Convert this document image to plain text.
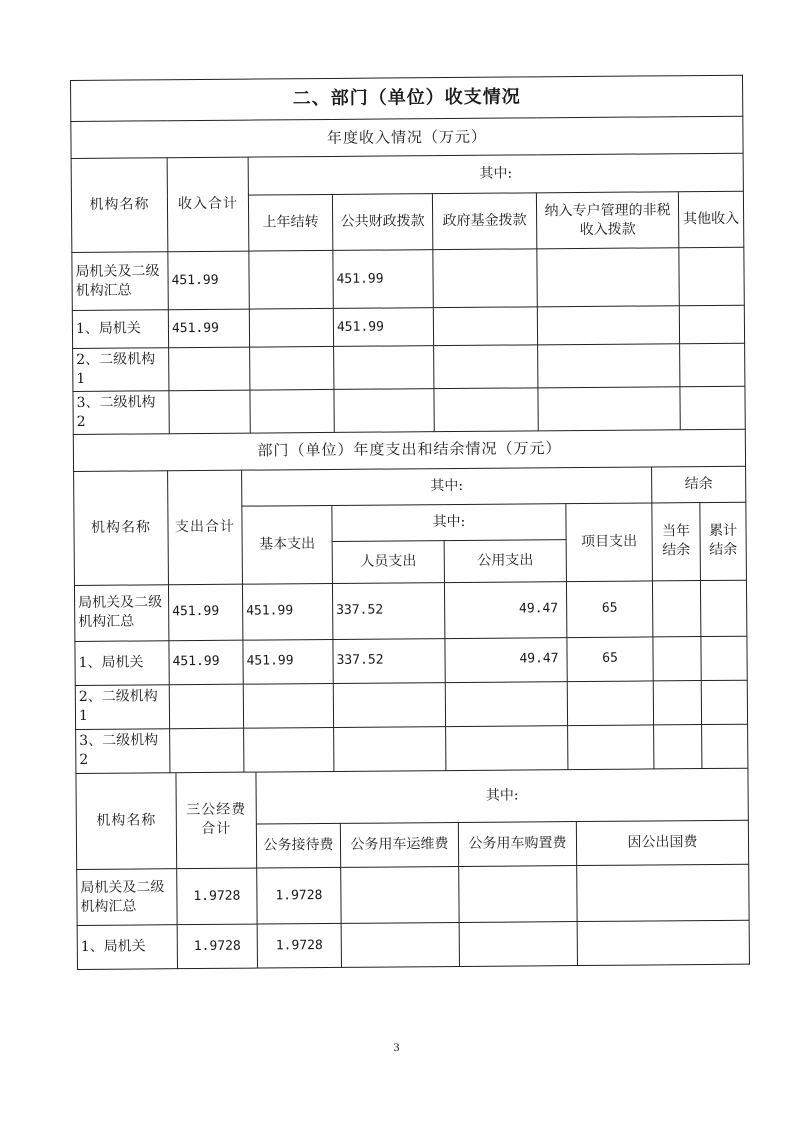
二、部门（单位）收支情况						
年度收入情况（万元）						
机构名称	收入合计	其中:				
		上年结转	公共财政拨款	政府基金拨款	纳入专户管理的非税收入拨款	其他收入
局机关及二级机构汇总	451.99		451.99			
1、局机关	451.99		451.99			
2、二级机构 1						
3、二级机构 2						
部门（单位）年度支出和结余情况（万元）							
机构名称	支出合计	其中:				结余	
		基本支出	其中:		项目支出	当年结余	累计结余
			人员支出	公用支出			
局机关及二级机构汇总	451.99	451.99	337.52	49.47	65		
1、局机关	451.99	451.99	337.52	49.47	65		
2、二级机构 1							
3、二级机构 2							
机构名称	三公经费合计	其中:			
		公务接待费	公务用车运维费	公务用车购置费	因公出国费
局机关及二级机构汇总	1.9728	1.9728			
1、局机关	1.9728	1.9728			
3
